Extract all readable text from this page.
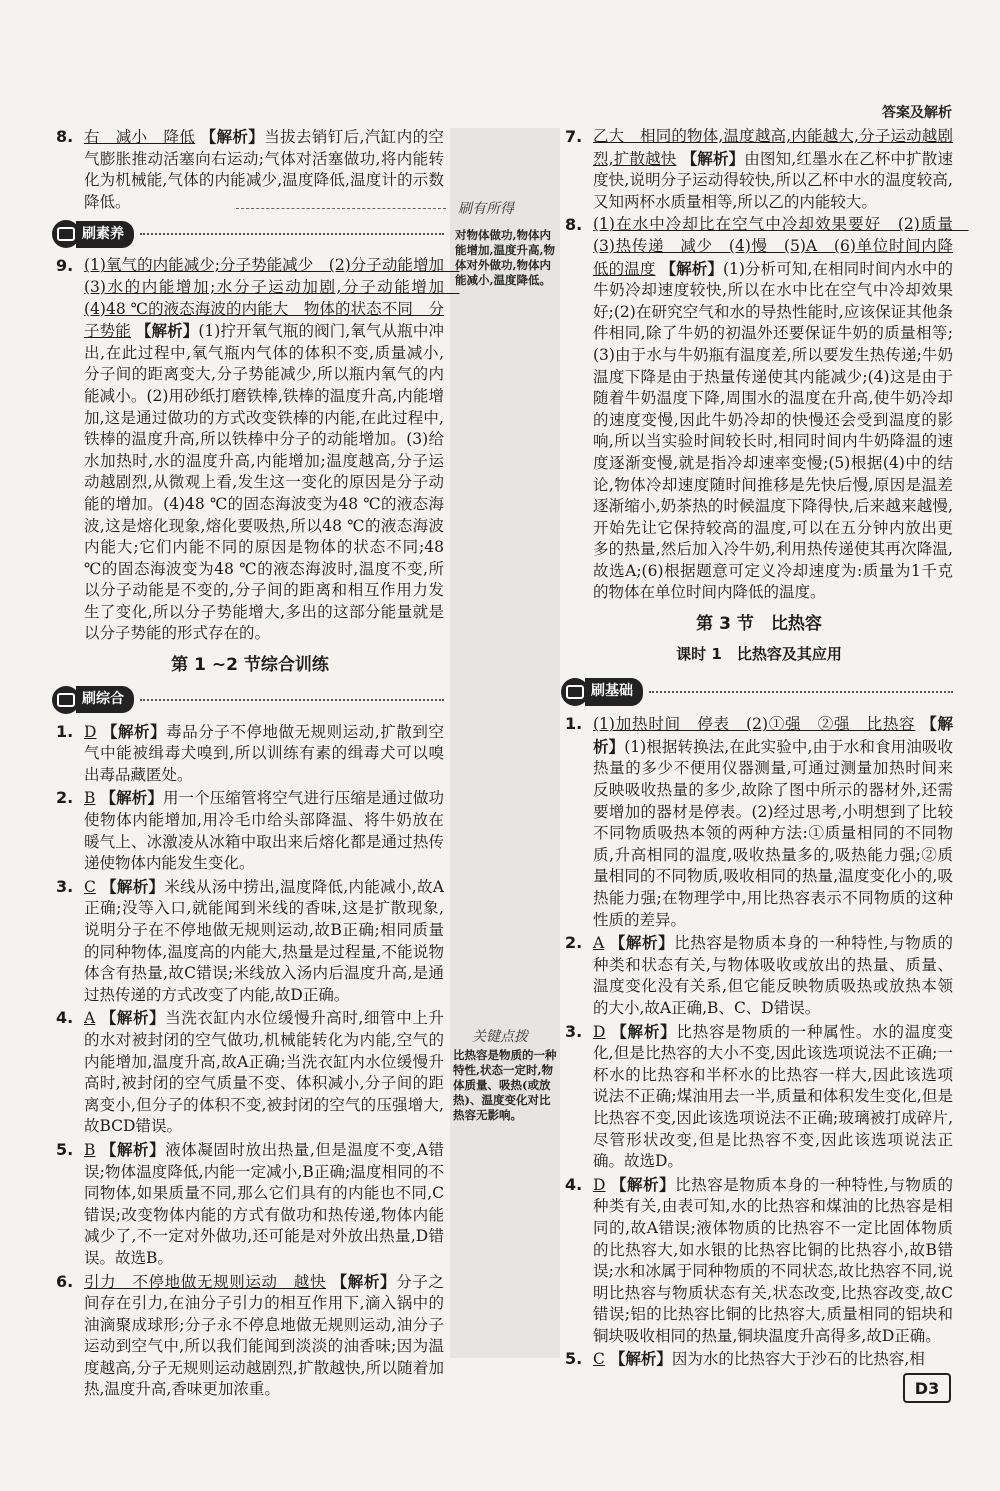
答案及解析
刷有所得
对物体做功,物体内能增加,温度升高,物体对外做功,物体内能减小,温度降低。
关键点拨
比热容是物质的一种特性,状态一定时,物体质量、吸热(或放热)、温度变化对比热容无影响。
8. 右　减小　降低 【解析】当拔去销钉后,汽缸内的空气膨胀推动活塞向右运动;气体对活塞做功,将内能转化为机械能,气体的内能减少,温度降低,温度计的示数降低。
刷素养
9. (1)氧气的内能减少;分子势能减少　(2)分子动能增加　(3)水的内能增加;水分子运动加剧,分子动能增加　(4)48 ℃的液态海波的内能大　物体的状态不同　分子势能 【解析】(1)拧开氧气瓶的阀门,氧气从瓶中冲出,在此过程中,氧气瓶内气体的体积不变,质量减小,分子间的距离变大,分子势能减少,所以瓶内氧气的内能减小。(2)用砂纸打磨铁棒,铁棒的温度升高,内能增加,这是通过做功的方式改变铁棒的内能,在此过程中,铁棒的温度升高,所以铁棒中分子的动能增加。(3)给水加热时,水的温度升高,内能增加;温度越高,分子运动越剧烈,从微观上看,发生这一变化的原因是分子动能的增加。(4)48 ℃的固态海波变为48 ℃的液态海波,这是熔化现象,熔化要吸热,所以48 ℃的液态海波内能大;它们内能不同的原因是物体的状态不同;48 ℃的固态海波变为48 ℃的液态海波时,温度不变,所以分子动能是不变的,分子间的距离和相互作用力发生了变化,所以分子势能增大,多出的这部分能量就是以分子势能的形式存在的。
第 1 ~2 节综合训练
刷综合
1. D 【解析】毒品分子不停地做无规则运动,扩散到空气中能被缉毒犬嗅到,所以训练有素的缉毒犬可以嗅出毒品藏匿处。
2. B 【解析】用一个压缩管将空气进行压缩是通过做功使物体内能增加,用冷毛巾给头部降温、将牛奶放在暖气上、冰激凌从冰箱中取出来后熔化都是通过热传递使物体内能发生变化。
3. C 【解析】米线从汤中捞出,温度降低,内能减小,故A正确;没等入口,就能闻到米线的香味,这是扩散现象,说明分子在不停地做无规则运动,故B正确;相同质量的同种物体,温度高的内能大,热量是过程量,不能说物体含有热量,故C错误;米线放入汤内后温度升高,是通过热传递的方式改变了内能,故D正确。
4. A 【解析】当洗衣缸内水位缓慢升高时,细管中上升的水对被封闭的空气做功,机械能转化为内能,空气的内能增加,温度升高,故A正确;当洗衣缸内水位缓慢升高时,被封闭的空气质量不变、体积减小,分子间的距离变小,但分子的体积不变,被封闭的空气的压强增大,故BCD错误。
5. B 【解析】液体凝固时放出热量,但是温度不变,A错误;物体温度降低,内能一定减小,B正确;温度相同的不同物体,如果质量不同,那么它们具有的内能也不同,C错误;改变物体内能的方式有做功和热传递,物体内能减少了,不一定对外做功,还可能是对外放出热量,D错误。故选B。
6. 引力　不停地做无规则运动　越快 【解析】分子之间存在引力,在油分子引力的相互作用下,滴入锅中的油滴聚成球形;分子永不停息地做无规则运动,油分子运动到空气中,所以我们能闻到淡淡的油香味;因为温度越高,分子无规则运动越剧烈,扩散越快,所以随着加热,温度升高,香味更加浓重。
7. 乙大　相同的物体,温度越高,内能越大,分子运动越剧烈,扩散越快 【解析】由图知,红墨水在乙杯中扩散速度快,说明分子运动得较快,所以乙杯中水的温度较高,又知两杯水质量相等,所以乙的内能较大。
8. (1)在水中冷却比在空气中冷却效果要好　(2)质量　(3)热传递　减少　(4)慢　(5)A　(6)单位时间内降低的温度 【解析】(1)分析可知,在相同时间内水中的牛奶冷却速度较快,所以在水中比在空气中冷却效果好;(2)在研究空气和水的导热性能时,应该保证其他条件相同,除了牛奶的初温外还要保证牛奶的质量相等;(3)由于水与牛奶瓶有温度差,所以要发生热传递;牛奶温度下降是由于热量传递使其内能减少;(4)这是由于随着牛奶温度下降,周围水的温度在升高,使牛奶冷却的速度变慢,因此牛奶冷却的快慢还会受到温度的影响,所以当实验时间较长时,相同时间内牛奶降温的速度逐渐变慢,就是指冷却速率变慢;(5)根据(4)中的结论,物体冷却速度随时间推移是先快后慢,原因是温差逐渐缩小,奶茶热的时候温度下降得快,后来越来越慢,开始先让它保持较高的温度,可以在五分钟内放出更多的热量,然后加入冷牛奶,利用热传递使其再次降温,故选A;(6)根据题意可定义冷却速度为:质量为1千克的物体在单位时间内降低的温度。
第 3 节　比热容
课时 1　比热容及其应用
刷基础
1. (1)加热时间　停表　(2)①强　②强　比热容 【解析】(1)根据转换法,在此实验中,由于水和食用油吸收热量的多少不便用仪器测量,可通过测量加热时间来反映吸收热量的多少,故除了图中所示的器材外,还需要增加的器材是停表。(2)经过思考,小明想到了比较不同物质吸热本领的两种方法:①质量相同的不同物质,升高相同的温度,吸收热量多的,吸热能力强;②质量相同的不同物质,吸收相同的热量,温度变化小的,吸热能力强;在物理学中,用比热容表示不同物质的这种性质的差异。
2. A 【解析】比热容是物质本身的一种特性,与物质的种类和状态有关,与物体吸收或放出的热量、质量、温度变化没有关系,但它能反映物质吸热或放热本领的大小,故A正确,B、C、D错误。
3. D 【解析】比热容是物质的一种属性。水的温度变化,但是比热容的大小不变,因此该选项说法不正确;一杯水的比热容和半杯水的比热容一样大,因此该选项说法不正确;煤油用去一半,质量和体积发生变化,但是比热容不变,因此该选项说法不正确;玻璃被打成碎片,尽管形状改变,但是比热容不变,因此该选项说法正确。故选D。
4. D 【解析】比热容是物质本身的一种特性,与物质的种类有关,由表可知,水的比热容和煤油的比热容是相同的,故A错误;液体物质的比热容不一定比固体物质的比热容大,如水银的比热容比铜的比热容小,故B错误;水和冰属于同种物质的不同状态,故比热容不同,说明比热容与物质状态有关,状态改变,比热容改变,故C错误;铝的比热容比铜的比热容大,质量相同的铝块和铜块吸收相同的热量,铜块温度升高得多,故D正确。
5. C 【解析】因为水的比热容大于沙石的比热容,相
D3
